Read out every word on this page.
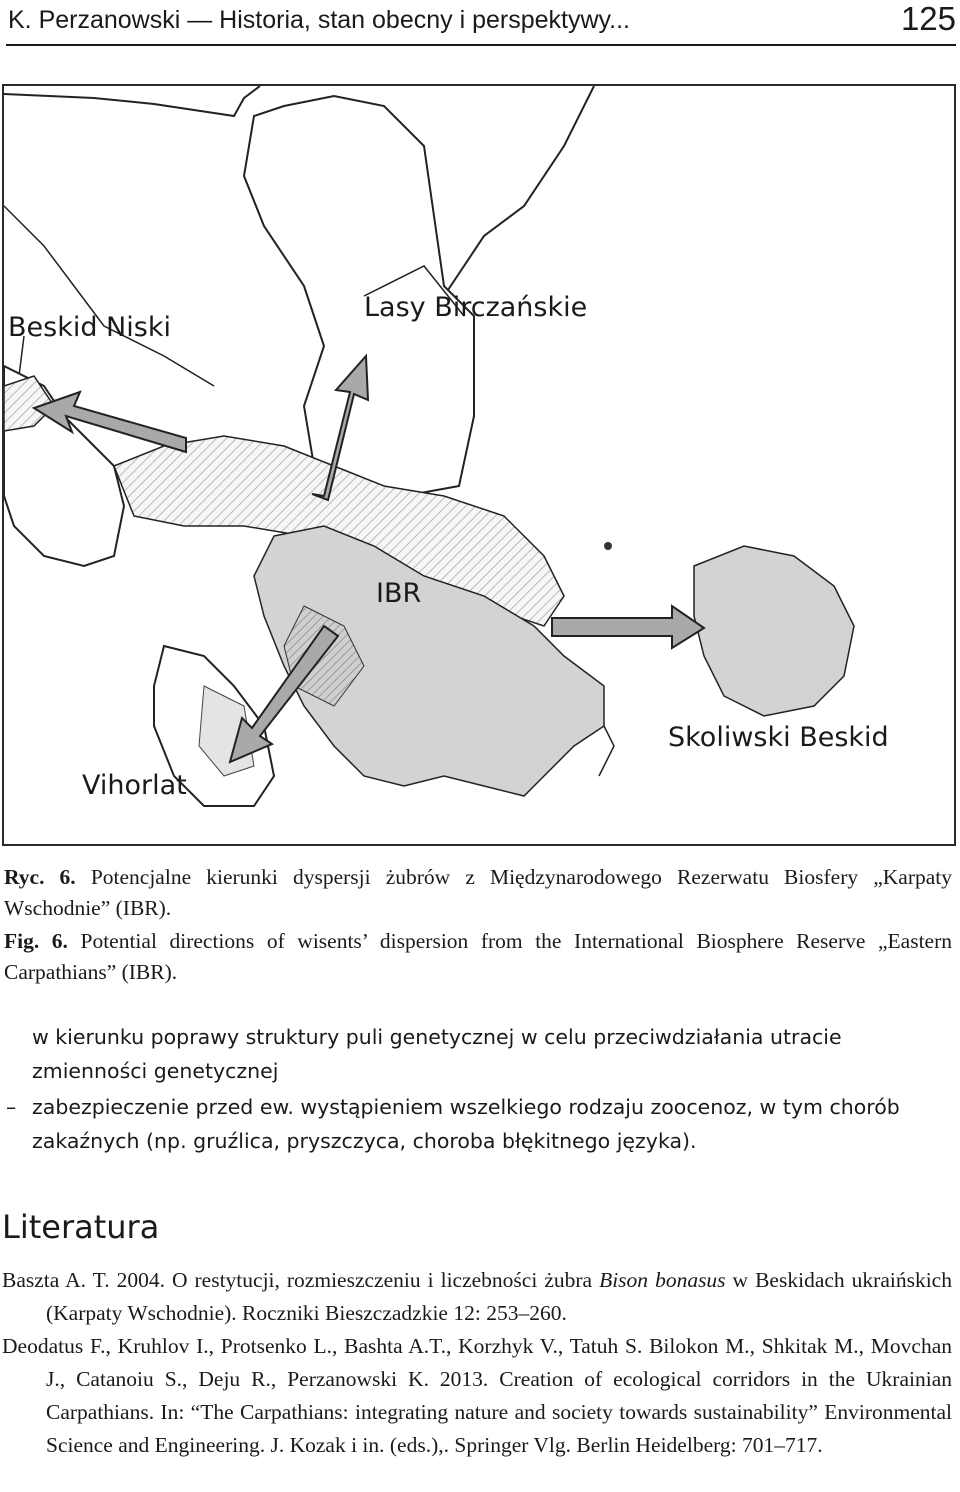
K. Perzanowski — Historia, stan obecny i perspektywy...	125
Beskid Niski
Lasy Birczańskie
IBR
Skoliwski Beskid
Vihorlat
Ryc. 6. Potencjalne kierunki dyspersji żubrów z Międzynarodowego Rezerwatu Biosfery „Karpaty Wschodnie” (IBR).
Fig. 6. Potential directions of wisents’ dispersion from the International Biosphere Reserve „Eastern Carpathians” (IBR).
w kierunku poprawy struktury puli genetycznej w celu przeciwdziałania utracie zmienności genetycznej
– zabezpieczenie przed ew. wystąpieniem wszelkiego rodzaju zoocenoz, w tym chorób zakaźnych (np. gruźlica, pryszczyca, choroba błękitnego języka).
Literatura
Baszta A. T. 2004. O restytucji, rozmieszczeniu i liczebności żubra Bison bonasus w Beskidach ukraińskich (Karpaty Wschodnie). Roczniki Bieszczadzkie 12: 253–260.
Deodatus F., Kruhlov I., Protsenko L., Bashta A.T., Korzhyk V., Tatuh S. Bilokon M., Shkitak M., Movchan J., Catanoiu S., Deju R., Perzanowski K. 2013. Creation of ecological corridors in the Ukrainian Carpathians. In: “The Carpathians: integrating nature and society towards sustainability” Environmental Science and Engineering. J. Kozak i in. (eds.),. Springer Vlg. Berlin Heidelberg: 701–717.
